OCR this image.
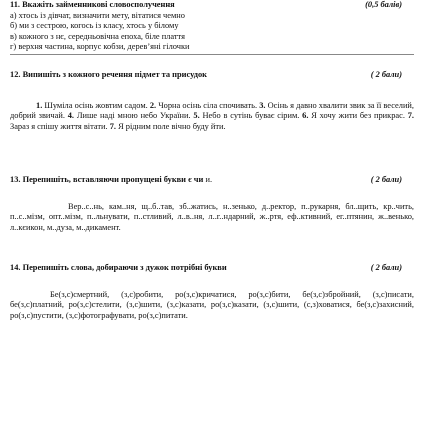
11. Вкажіть займенникові словосполучення	(0,5 балів)
а) хтось із дівчат, визначити мету, вітатися чемно
б) ми з сестрою, когось із класу, хтось у білому
в) кожного з нє, середньовічна епоха, біле плаття
г) верхня частина, корпус кобзи, дерев’яні гілочки
12. Випишіть з кожного речення підмет та присудок	( 2 бали)

1. Шуміла осінь жовтим садом. 2. Чорна осінь сіла спочивать. 3. Осінь я давно хвалити звик за її веселий, добрий звичай. 4. Лише наді мною небо України. 5. Небо в сутінь буває сірим. 6. Я хочу жити без прикрас. 7. Зараз я спішу життя вітати. 7. Я рідним поле вічно буду йти.

13. Перепишіть, вставляючи пропущені букви є чи и.	( 2 бали)

Вер..с..нь, кам..ня, щ..б..тав, зб..жатись, н..зенько, д..ректор, п..рукарня, бл..щить, кр..чить, п..с..мізм, опт..мізм, п..льнувати, п..стливий, л..в..ня, л..г..ндарний, ж..ртя, еф..ктивний, ег..птянин, ж..венько, л..кєикон, м..дуза, м..дикамент.

14. Перепишіть слова, добираючи з дужок потрібні букви	( 2 бали)

Бе(з,с)смертний, (з,с)робити, ро(з,с)кричатися, ро(з,с)бити, бе(з,с)збройний, (з,с)писати, бе(з,с)платний, ро(з,с)стелити, (з,с)шити, (з,с)казати, ро(з,с)казати, (з,с)шити, (с,з)ховатися, бе(з,с)захисний, ро(з,с)пустити, (з,с)фотографувати, ро(з,с)питати.
